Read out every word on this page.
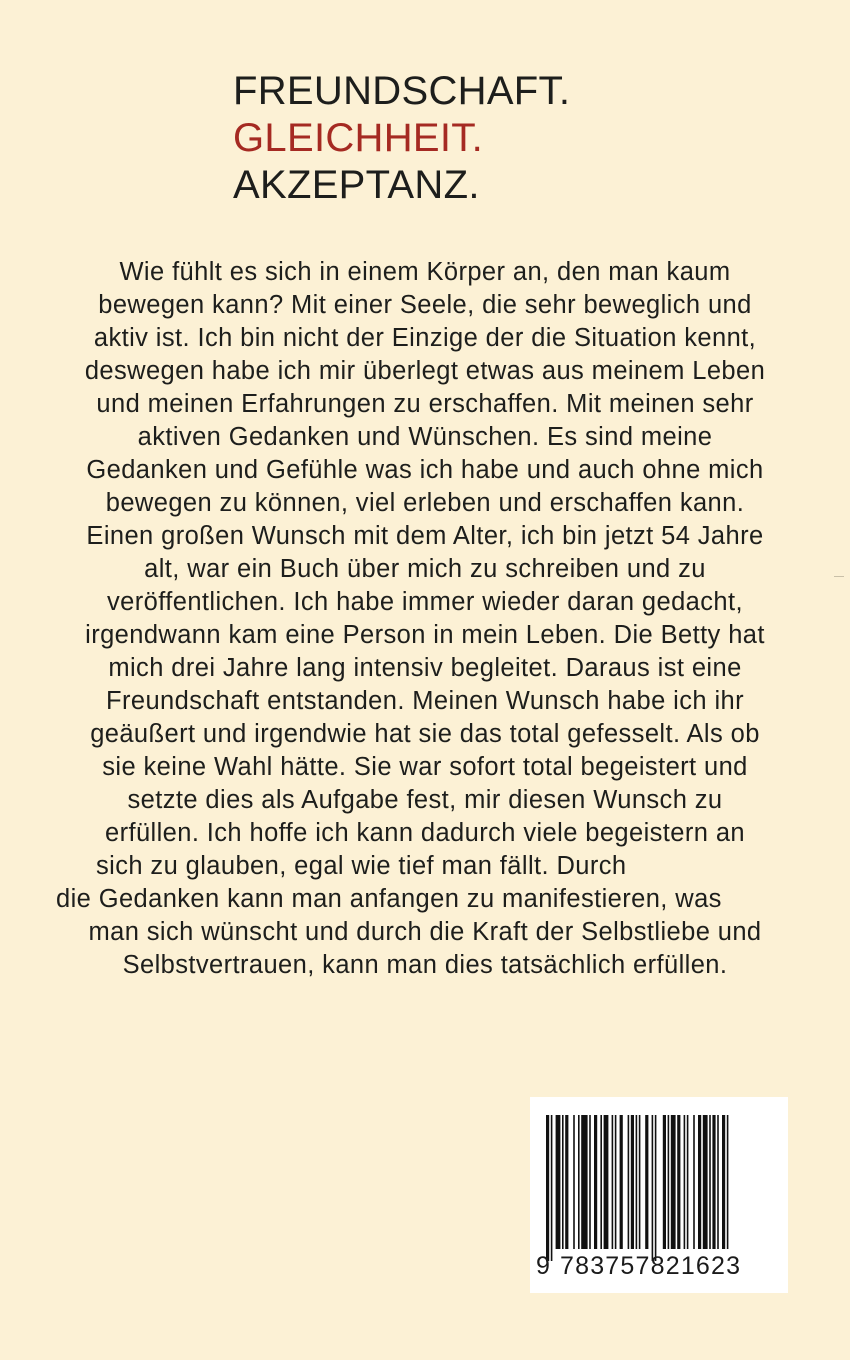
FREUNDSCHAFT.
GLEICHHEIT.
AKZEPTANZ.
Wie fühlt es sich in einem Körper an, den man kaum
bewegen kann? Mit einer Seele, die sehr beweglich und
aktiv ist. Ich bin nicht der Einzige der die Situation kennt,
deswegen habe ich mir überlegt etwas aus meinem Leben
und meinen Erfahrungen zu erschaffen. Mit meinen sehr
aktiven Gedanken und Wünschen. Es sind meine
Gedanken und Gefühle was ich habe und auch ohne mich
bewegen zu können, viel erleben und erschaffen kann.
Einen großen Wunsch mit dem Alter, ich bin jetzt 54 Jahre
alt, war ein Buch über mich zu schreiben und zu
veröffentlichen. Ich habe immer wieder daran gedacht,
irgendwann kam eine Person in mein Leben. Die Betty hat
mich drei Jahre lang intensiv begleitet. Daraus ist eine
Freundschaft entstanden. Meinen Wunsch habe ich ihr
geäußert und irgendwie hat sie das total gefesselt. Als ob
sie keine Wahl hätte. Sie war sofort total begeistert und
setzte dies als Aufgabe fest, mir diesen Wunsch zu
erfüllen. Ich hoffe ich kann dadurch viele begeistern an
sich zu glauben, egal wie tief man fällt. Durch
die Gedanken kann man anfangen zu manifestieren, was
man sich wünscht und durch die Kraft der Selbstliebe und
Selbstvertrauen, kann man dies tatsächlich erfüllen.
9 783757821623
